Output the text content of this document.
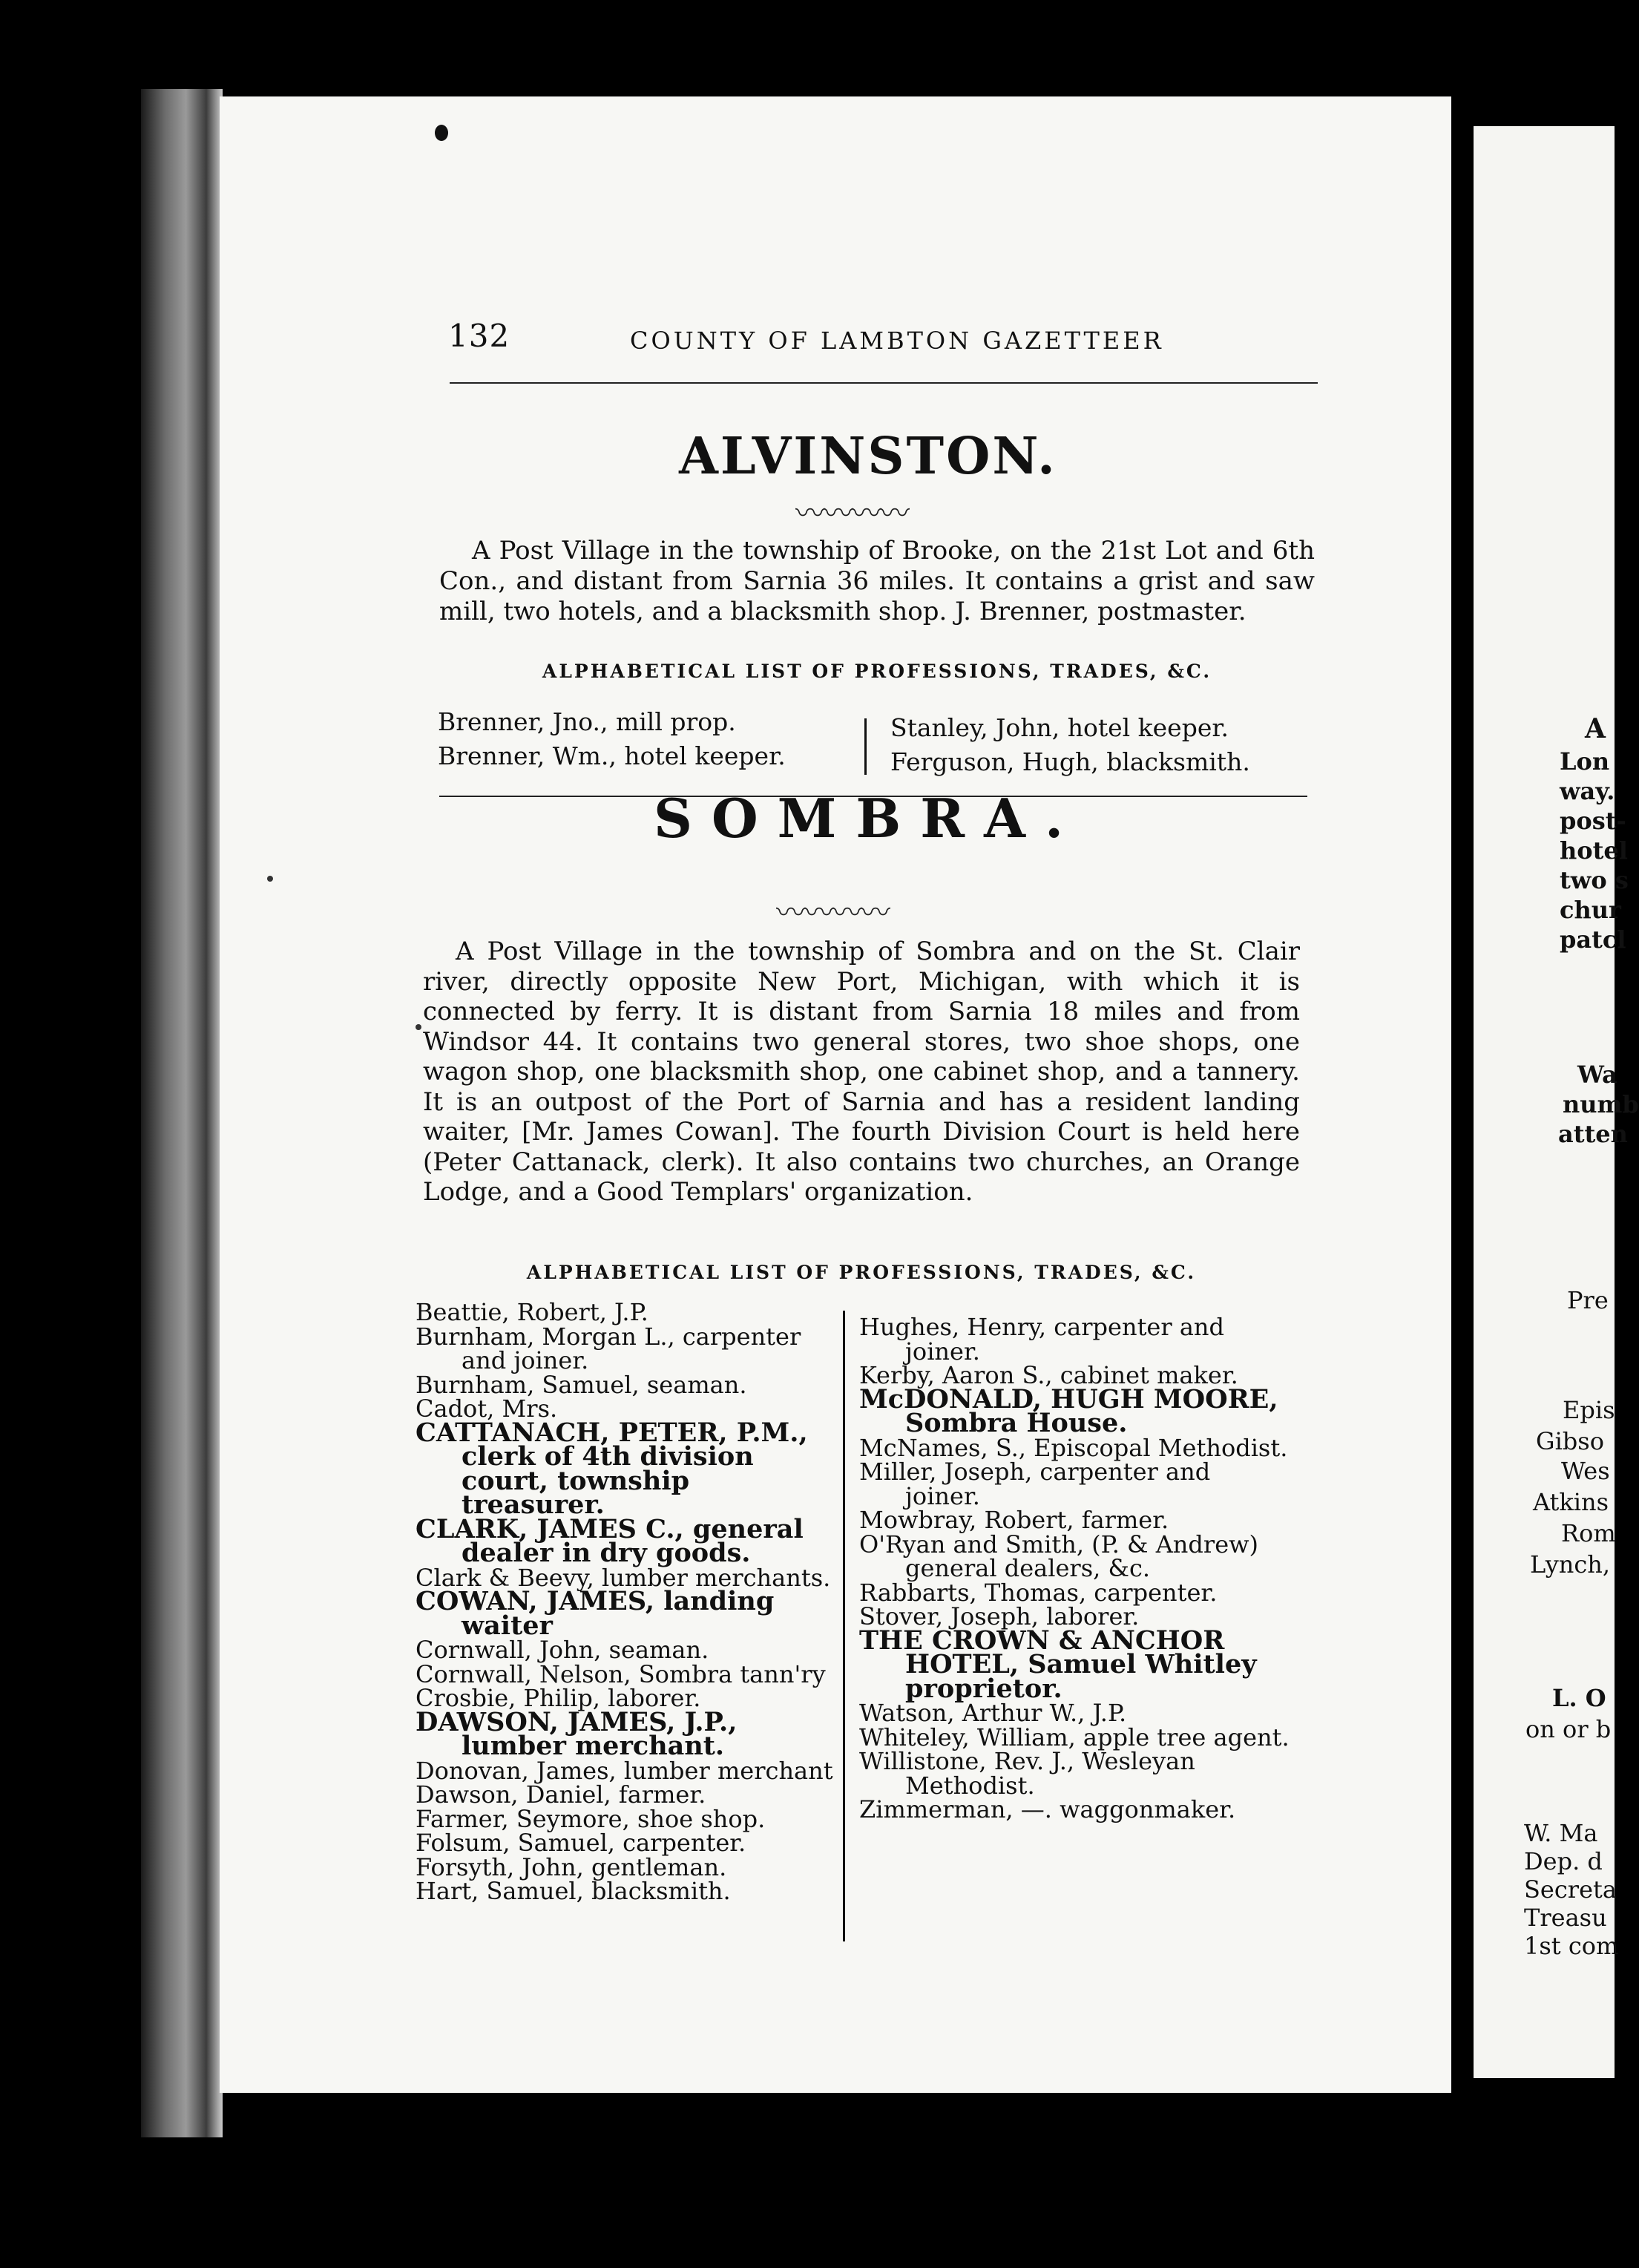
132	COUNTY OF LAMBTON GAZETTEER
ALVINSTON.
〰〰〰〰
A Post Village in the township of Brooke, on the 21st Lot and 6th Con., and distant from Sarnia 36 miles. It contains a grist and saw mill, two hotels, and a blacksmith shop. J. Brenner, postmaster.
ALPHABETICAL LIST OF PROFESSIONS, TRADES, &C.
Brenner, Jno., mill prop.
Brenner, Wm., hotel keeper.
Stanley, John, hotel keeper.
Ferguson, Hugh, blacksmith.
SOMBRA.
〰〰〰〰
A Post Village in the township of Sombra and on the St. Clair river, directly opposite New Port, Michigan, with which it is connected by ferry. It is distant from Sarnia 18 miles and from Windsor 44. It contains two general stores, two shoe shops, one wagon shop, one blacksmith shop, one cabinet shop, and a tannery. It is an outpost of the Port of Sarnia and has a resident landing waiter, [Mr. James Cowan]. The fourth Division Court is held here (Peter Cattanack, clerk). It also contains two churches, an Orange Lodge, and a Good Templars' organization.
ALPHABETICAL LIST OF PROFESSIONS, TRADES, &C.
Beattie, Robert, J.P.
Burnham, Morgan L., carpenter and joiner.
Burnham, Samuel, seaman.
Cadot, Mrs.
CATTANACH, PETER, P.M., clerk of 4th division court, township treasurer.
CLARK, JAMES C., general dealer in dry goods.
Clark & Beevy, lumber merchants.
COWAN, JAMES, landing waiter
Cornwall, John, seaman.
Cornwall, Nelson, Sombra tann'ry
Crosbie, Philip, laborer.
DAWSON, JAMES, J.P., lumber merchant.
Donovan, James, lumber merchant
Dawson, Daniel, farmer.
Farmer, Seymore, shoe shop.
Folsum, Samuel, carpenter.
Forsyth, John, gentleman.
Hart, Samuel, blacksmith.
Hughes, Henry, carpenter and joiner.
Kerby, Aaron S., cabinet maker.
McDONALD, HUGH MOORE, Sombra House.
McNames, S., Episcopal Methodist.
Miller, Joseph, carpenter and joiner.
Mowbray, Robert, farmer.
O'Ryan and Smith, (P. & Andrew) general dealers, &c.
Rabbarts, Thomas, carpenter.
Stover, Joseph, laborer.
THE CROWN & ANCHOR HOTEL, Samuel Whitley proprietor.
Watson, Arthur W., J.P.
Whiteley, William, apple tree agent.
Willistone, Rev. J., Wesleyan Methodist.
Zimmerman, —. waggonmaker.
A
Lon
way.
post-
hotel
two s
chur
patcl
Wa
numb
atten
Pre
Epis
Gibso
Wes
Atkins
Rom
Lynch,
L. O
on or b
W. Ma
Dep. d
Secreta
Treasu
1st com
